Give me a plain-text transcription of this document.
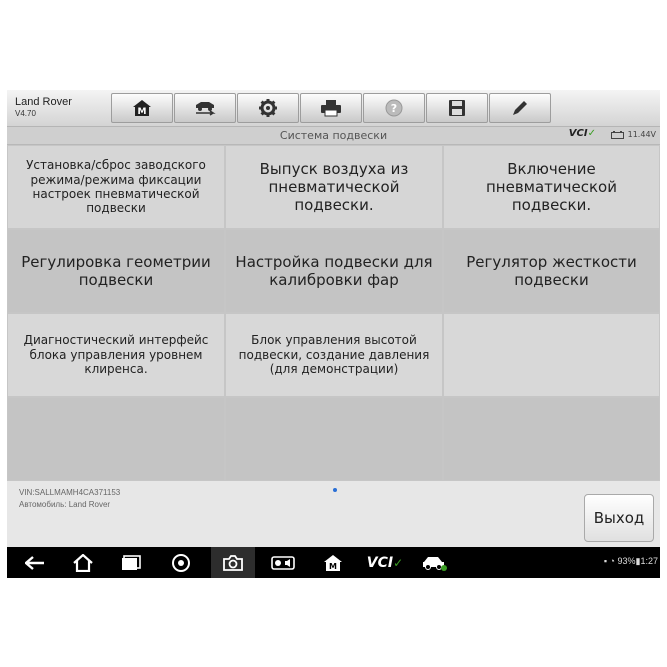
Land Rover
V4.70	M	?
Система подвески	VCI✓	11.44V
Установка/сброс заводского режима/режима фиксации настроек пневматической подвески
Выпуск воздуха из пневматической подвески.
Включение пневматической подвески.
Регулировка геометрии подвески
Настройка подвески для калибровки фар
Регулятор жесткости подвески
Диагностический интерфейс блока управления уровнем клиренса.
Блок управления высотой подвески, создание давления (для демонстрации)
VIN:SALLMAMH4CA371153
Автомобиль: Land Rover
Выход
M VCI ✓	▪ ◔ 93%▮1:27
